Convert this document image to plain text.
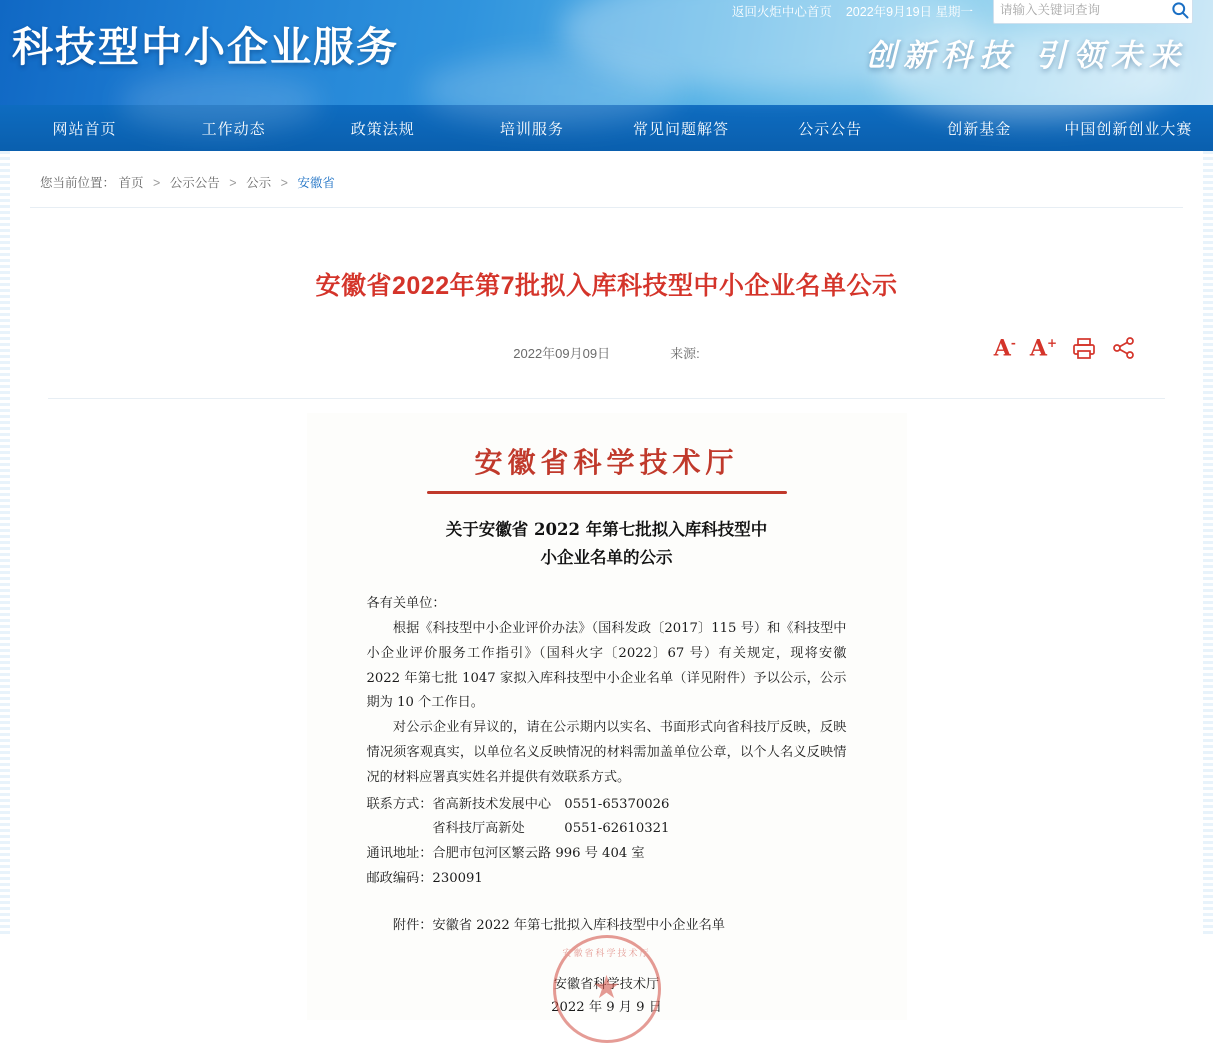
科技型中小企业服务	创新科技 引领未来
返回火炬中心首页 2022年9月19日 星期一
请输入关键词查询
网站首页	工作动态	政策法规	培训服务	常见问题解答	公示公告	创新基金	中国创新创业大赛
您当前位置： 首页 > 公示公告 > 公示 > 安徽省
安徽省2022年第7批拟入库科技型中小企业名单公示
2022年09月09日	来源:	A- A+
安徽省科学技术厅
关于安徽省 2022 年第七批拟入库科技型中
小企业名单的公示

各有关单位：

根据《科技型中小企业评价办法》（国科发政〔2017〕115 号）和《科技型中小企业评价服务工作指引》（国科火字〔2022〕67 号）有关规定，现将安徽 2022 年第七批 1047 家拟入库科技型中小企业名单（详见附件）予以公示，公示期为 10 个工作日。

对公示企业有异议的，请在公示期内以实名、书面形式向省科技厅反映，反映情况须客观真实，以单位名义反映情况的材料需加盖单位公章，以个人名义反映情况的材料应署真实姓名并提供有效联系方式。

联系方式：省高新技术发展中心　0551-65370026

　　　　　省科技厅高新处　　　0551-62610321

通讯地址：合肥市包河区繁云路 996 号 404 室

邮政编码：230091

附件：安徽省 2022 年第七批拟入库科技型中小企业名单
★ 安徽省科学技术厅
安徽省科学技术厅
2022 年 9 月 9 日
